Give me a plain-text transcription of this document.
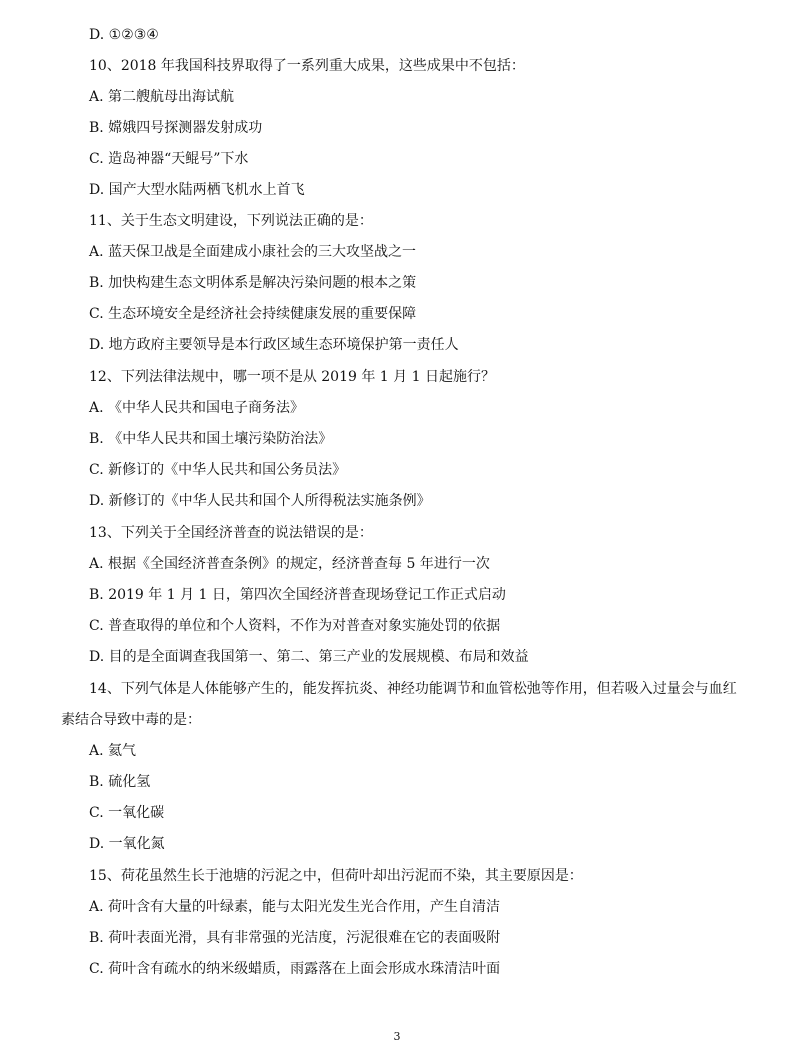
D. ①②③④

10、2018 年我国科技界取得了一系列重大成果，这些成果中不包括：

A. 第二艘航母出海试航

B. 嫦娥四号探测器发射成功

C. 造岛神器“天鲲号”下水

D. 国产大型水陆两栖飞机水上首飞

11、关于生态文明建设，下列说法正确的是：

A. 蓝天保卫战是全面建成小康社会的三大攻坚战之一

B. 加快构建生态文明体系是解决污染问题的根本之策

C. 生态环境安全是经济社会持续健康发展的重要保障

D. 地方政府主要领导是本行政区域生态环境保护第一责任人

12、下列法律法规中，哪一项不是从 2019 年 1 月 1 日起施行？

A. 《中华人民共和国电子商务法》

B. 《中华人民共和国土壤污染防治法》

C. 新修订的《中华人民共和国公务员法》

D. 新修订的《中华人民共和国个人所得税法实施条例》

13、下列关于全国经济普查的说法错误的是：

A. 根据《全国经济普查条例》的规定，经济普查每 5 年进行一次

B. 2019 年 1 月 1 日，第四次全国经济普查现场登记工作正式启动

C. 普查取得的单位和个人资料，不作为对普查对象实施处罚的依据

D. 目的是全面调查我国第一、第二、第三产业的发展规模、布局和效益

14、下列气体是人体能够产生的，能发挥抗炎、神经功能调节和血管松弛等作用，但若吸入过量会与血红

素结合导致中毒的是：

A. 氦气

B. 硫化氢

C. 一氧化碳

D. 一氧化氮

15、荷花虽然生长于池塘的污泥之中，但荷叶却出污泥而不染，其主要原因是：

A. 荷叶含有大量的叶绿素，能与太阳光发生光合作用，产生自清洁

B. 荷叶表面光滑，具有非常强的光洁度，污泥很难在它的表面吸附

C. 荷叶含有疏水的纳米级蜡质，雨露落在上面会形成水珠清洁叶面

3
